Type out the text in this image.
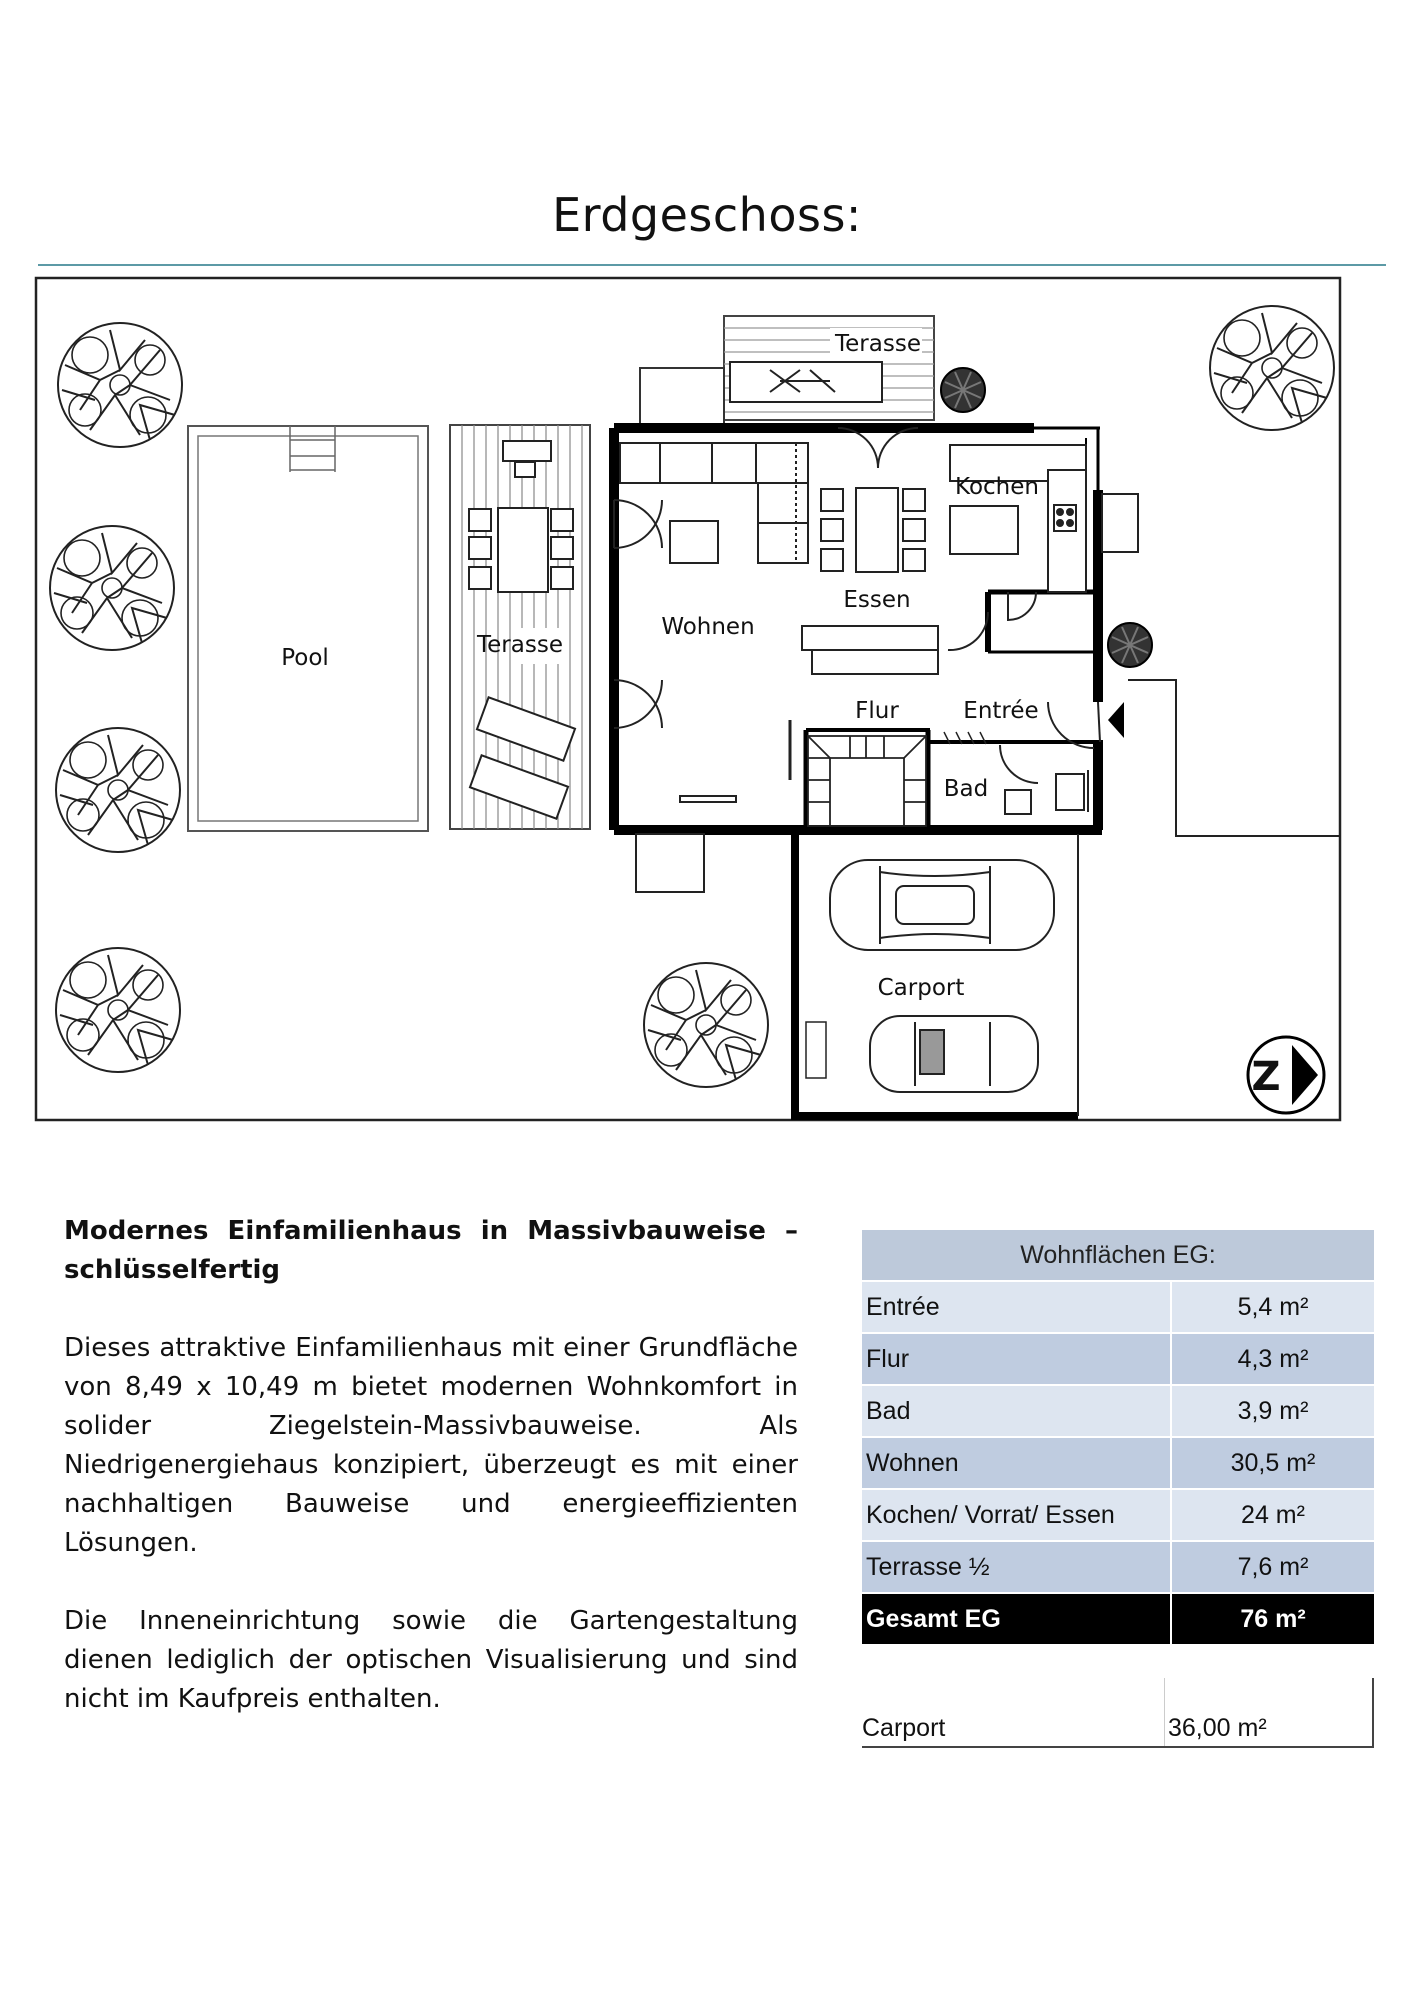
Erdgeschoss:
Pool	Terasse
Terasse
Kochen
Essen
Wohnen
Flur	Entrée
Bad
Carport
Z

Modernes Einfamilienhaus in Massivbauweise – schlüsselfertig

Dieses attraktive Einfamilienhaus mit einer Grundfläche von 8,49 x 10,49 m bietet modernen Wohnkomfort in solider Ziegelstein-Massivbauweise. Als Niedrigenergiehaus konzipiert, überzeugt es mit einer nachhaltigen Bauweise und energieeffizienten Lösungen.

Die Inneneinrichtung sowie die Gartengestaltung dienen lediglich der optischen Visualisierung und sind nicht im Kaufpreis enthalten.

Wohnflächen EG:	
Entrée	5,4 m²
Flur	4,3 m²
Bad	3,9 m²
Wohnen	30,5 m²
Kochen/ Vorrat/ Essen	24 m²
Terrasse ½	7,6 m²
Gesamt EG	76 m²
Carport	36,00 m²
